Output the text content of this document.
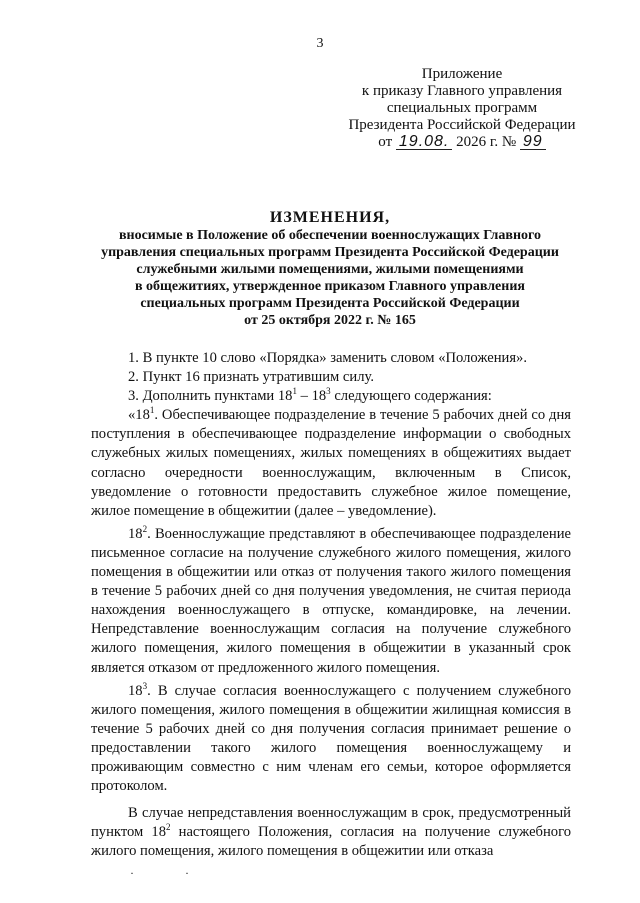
3
Приложение
к приказу Главного управления
специальных программ
Президента Российской Федерации
от 19.08. 2026 г. № 99
ИЗМЕНЕНИЯ,
вносимые в Положение об обеспечении военнослужащих Главного
управления специальных программ Президента Российской Федерации
служебными жилыми помещениями, жилыми помещениями
в общежитиях, утвержденное приказом Главного управления
специальных программ Президента Российской Федерации
от 25 октября 2022 г. № 165

1. В пункте 10 слово «Порядка» заменить словом «Положения».

2. Пункт 16 признать утратившим силу.

3. Дополнить пунктами $18^1 - 18^3$ следующего содержания:

«$18^1$. Обеспечивающее подразделение в течение 5 рабочих дней со дня поступления в обеспечивающее подразделение информации о свободных служебных жилых помещениях, жилых помещениях в общежитиях выдает согласно очередности военнослужащим, включенным в Список, уведомление о готовности предоставить служебное жилое помещение, жилое помещение в общежитии (далее – уведомление).

$18^2$. Военнослужащие представляют в обеспечивающее подразделение письменное согласие на получение служебного жилого помещения, жилого помещения в общежитии или отказ от получения такого жилого помещения в течение 5 рабочих дней со дня получения уведомления, не считая периода нахождения военнослужащего в отпуске, командировке, на лечении. Непредставление военнослужащим согласия на получение служебного жилого помещения, жилого помещения в общежитии в указанный срок является отказом от предложенного жилого помещения.

$18^3$. В случае согласия военнослужащего с получением служебного жилого помещения, жилого помещения в общежитии жилищная комиссия в течение 5 рабочих дней со дня получения согласия принимает решение о предоставлении такого жилого помещения военнослужащему и проживающим совместно с ним членам его семьи, которое оформляется протоколом.

В случае непредставления военнослужащим в срок, предусмотренный пунктом $18^2$ настоящего Положения, согласия на получение служебного жилого помещения, жилого помещения в общежитии или отказа

· ·
